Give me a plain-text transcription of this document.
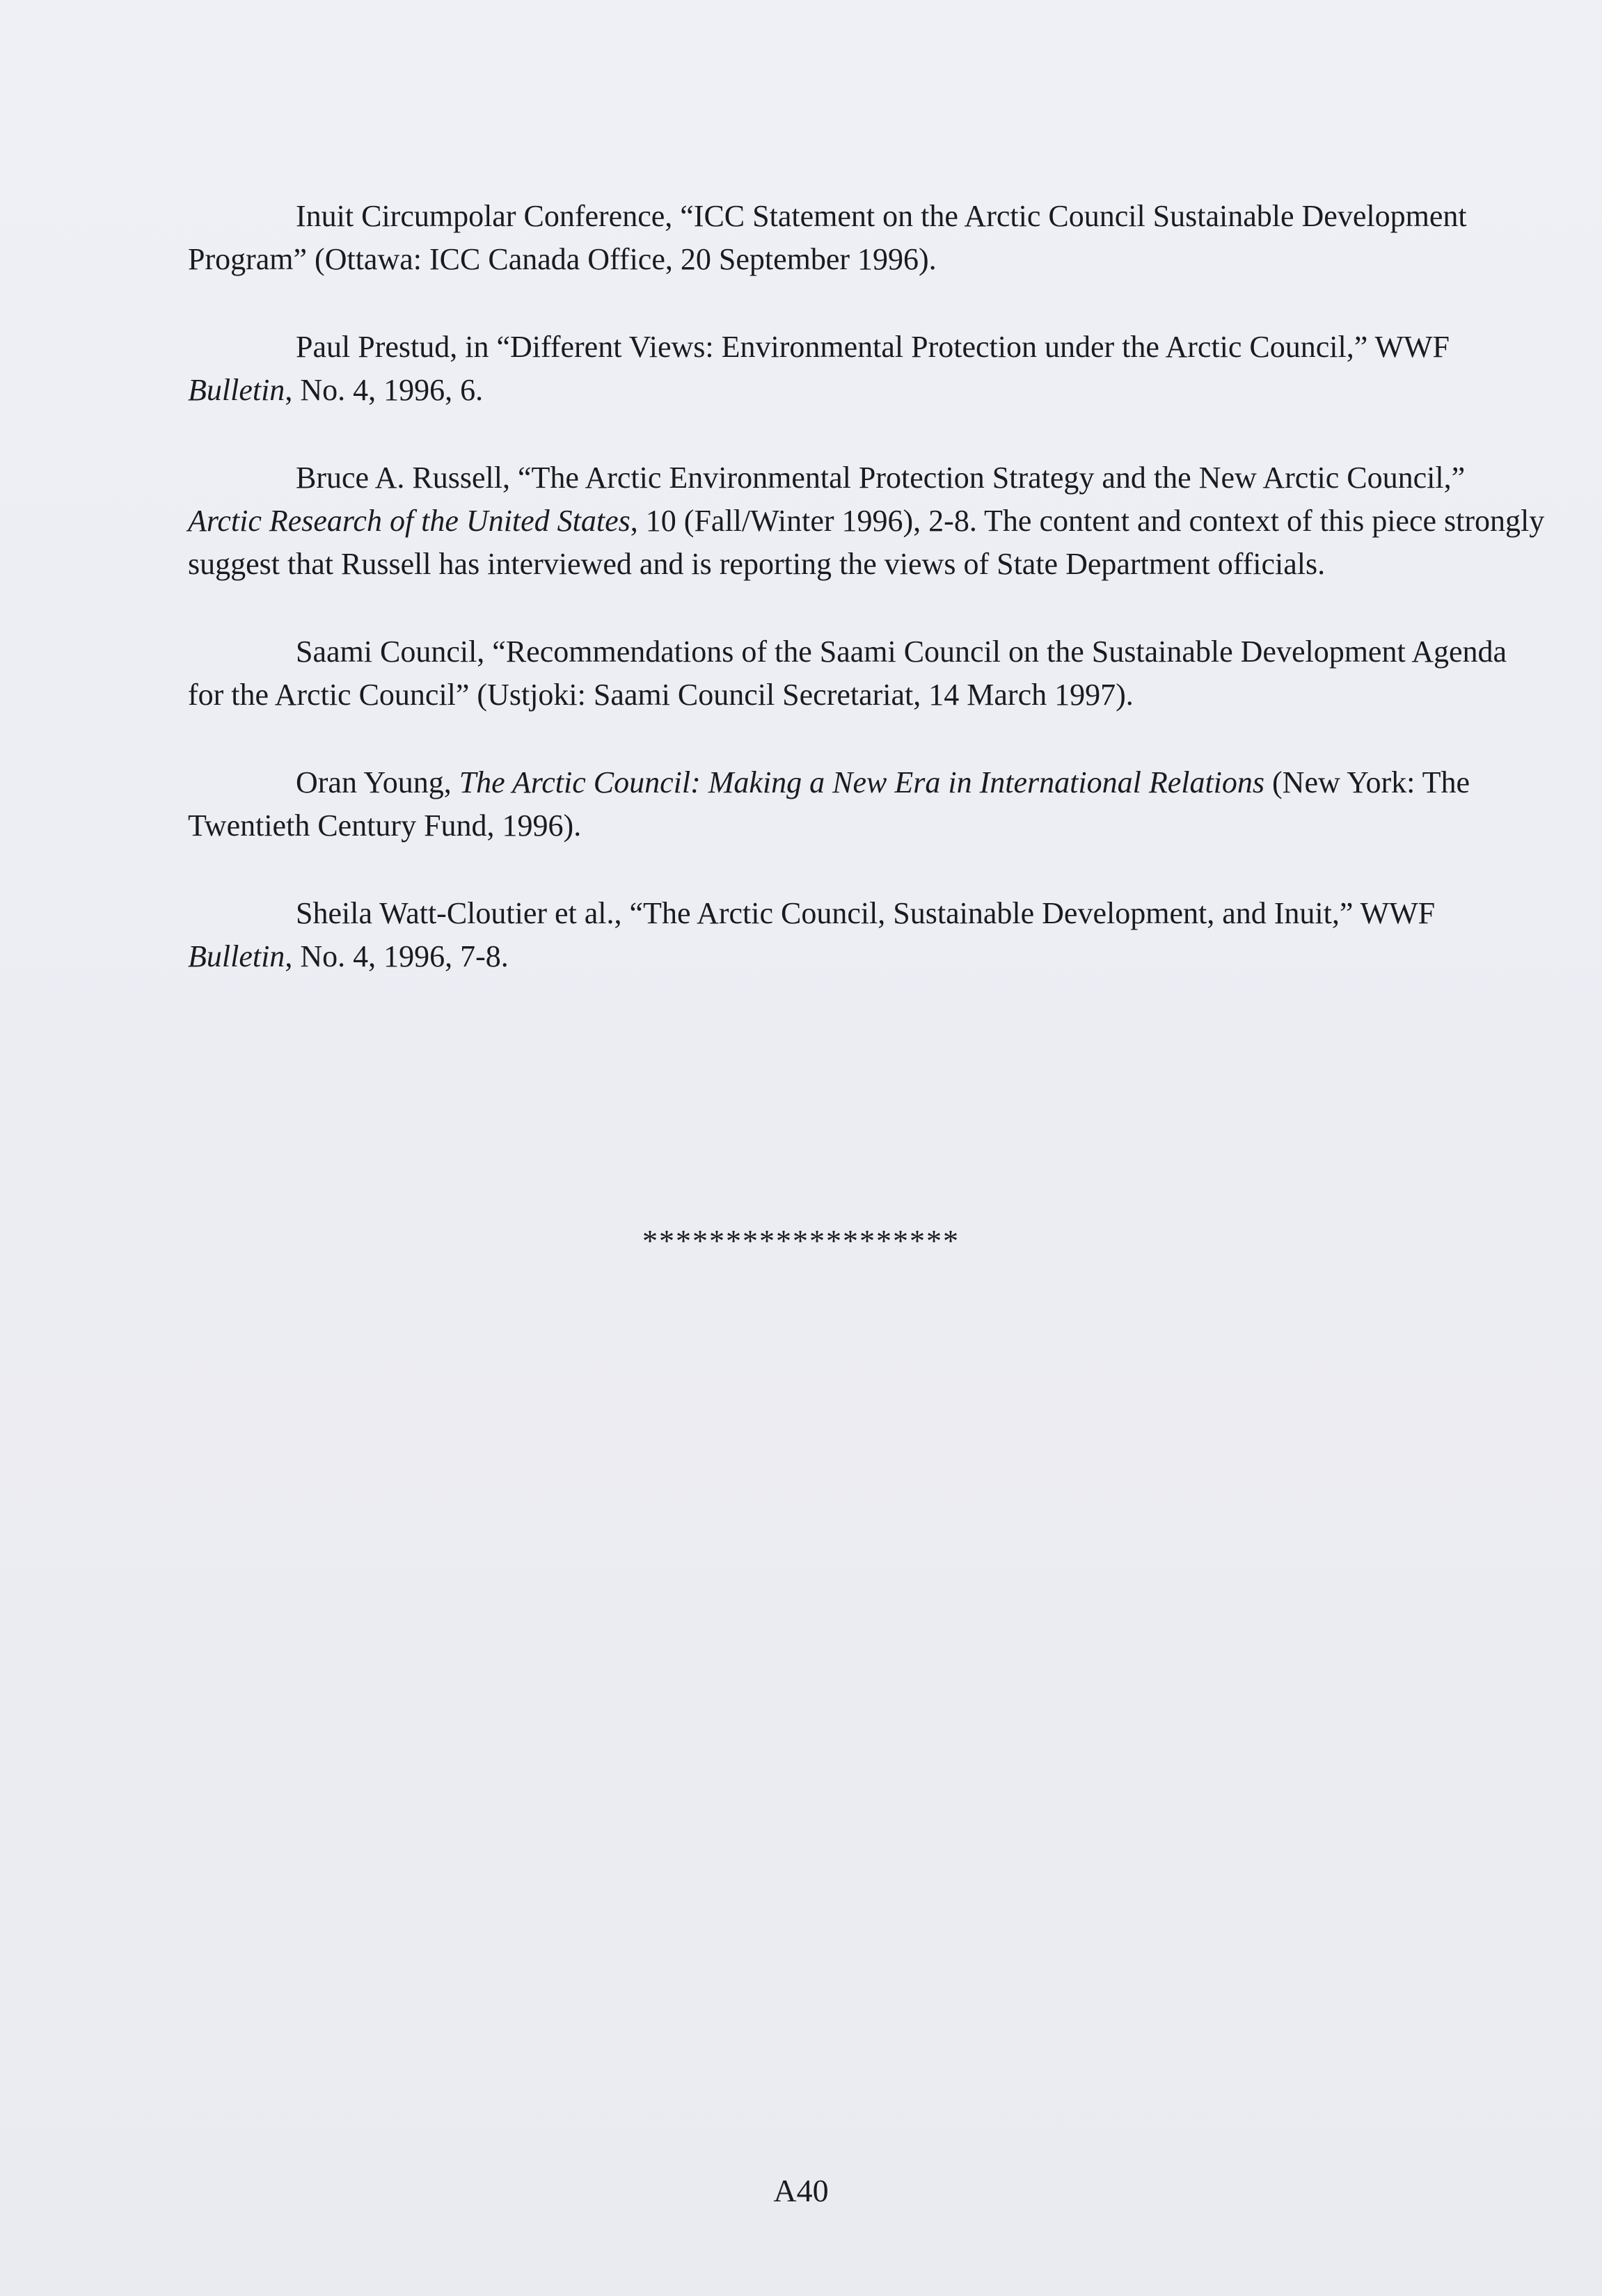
Inuit Circumpolar Conference, “ICC Statement on the Arctic Council Sustainable Development Program” (Ottawa: ICC Canada Office, 20 September 1996).

Paul Prestud, in “Different Views: Environmental Protection under the Arctic Council,” WWF Bulletin, No. 4, 1996, 6.

Bruce A. Russell, “The Arctic Environmental Protection Strategy and the New Arctic Council,” Arctic Research of the United States, 10 (Fall/Winter 1996), 2-8. The content and context of this piece strongly suggest that Russell has interviewed and is reporting the views of State Department officials.

Saami Council, “Recommendations of the Saami Council on the Sustainable Development Agenda for the Arctic Council” (Ustjoki: Saami Council Secretariat, 14 March 1997).

Oran Young, The Arctic Council: Making a New Era in International Relations (New York: The Twentieth Century Fund, 1996).

Sheila Watt-Cloutier et al., “The Arctic Council, Sustainable Development, and Inuit,” WWF Bulletin, No. 4, 1996, 7-8.

*******************
A40
